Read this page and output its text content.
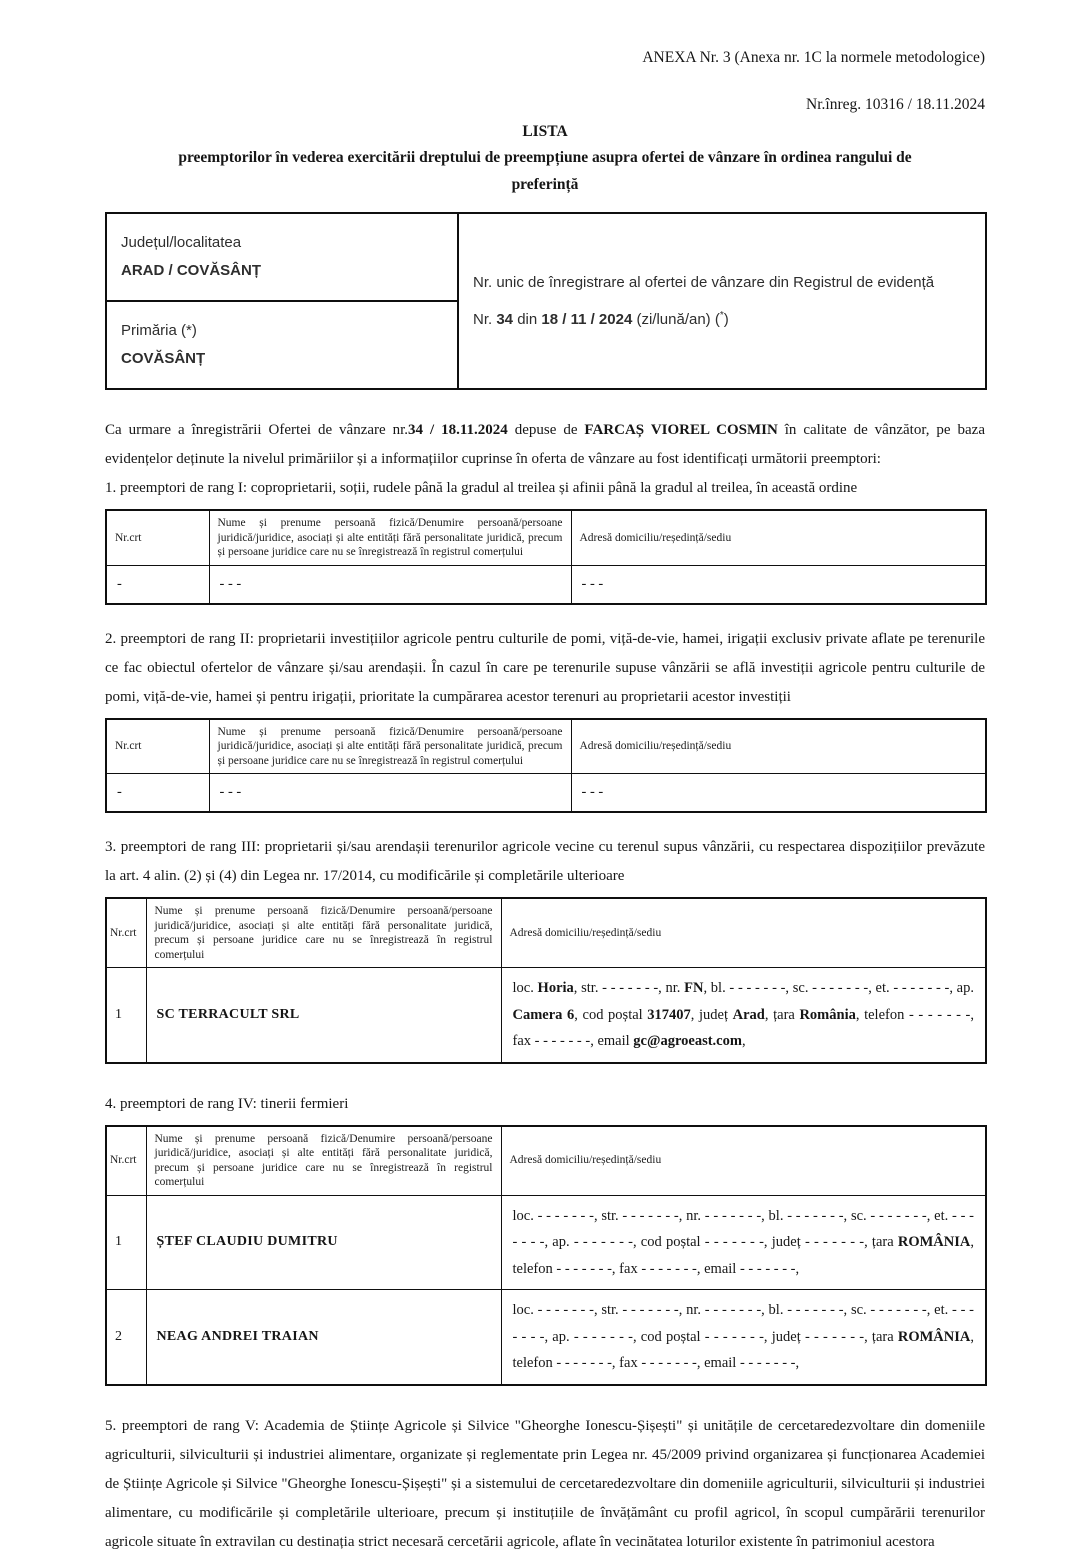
ANEXA Nr. 3 (Anexa nr. 1C la normele metodologice)
Nr.înreg. 10316 / 18.11.2024
LISTA
preemptorilor în vederea exercitării dreptului de preempțiune asupra ofertei de vânzare în ordinea rangului de
preferință
Județul/localitatea
ARAD / COVĂSÂNȚ

Nr. unic de înregistrare al ofertei de vânzare din Registrul de evidență
Nr. 34 din 18 / 11 / 2024 (zi/lună/an) (*)

Primăria (*)
COVĂSÂNȚ

Ca urmare a înregistrării Ofertei de vânzare nr.34 / 18.11.2024 depuse de FARCAȘ VIOREL COSMIN în calitate de vânzător, pe baza evidențelor deținute la nivelul primăriilor și a informațiilor cuprinse în oferta de vânzare au fost identificați următorii preemptori:

1. preemptori de rang I: coproprietarii, soții, rudele până la gradul al treilea și afinii până la gradul al treilea, în această ordine

Nr.crt	Nume și prenume persoană fizică/Denumire persoană/persoane juridică/juridice, asociați și alte entități fără personalitate juridică, precum și persoane juridice care nu se înregistrează în registrul comerțului	Adresă domiciliu/reședință/sediu
-	- - -	- - -

2. preemptori de rang II: proprietarii investițiilor agricole pentru culturile de pomi, viță-de-vie, hamei, irigații exclusiv private aflate pe terenurile ce fac obiectul ofertelor de vânzare și/sau arendașii. În cazul în care pe terenurile supuse vânzării se află investiții agricole pentru culturile de pomi, viță-de-vie, hamei și pentru irigații, prioritate la cumpărarea acestor terenuri au proprietarii acestor investiții

Nr.crt	Nume și prenume persoană fizică/Denumire persoană/persoane juridică/juridice, asociați și alte entități fără personalitate juridică, precum și persoane juridice care nu se înregistrează în registrul comerțului	Adresă domiciliu/reședință/sediu
-	- - -	- - -

3. preemptori de rang III: proprietarii și/sau arendașii terenurilor agricole vecine cu terenul supus vânzării, cu respectarea dispozițiilor prevăzute la art. 4 alin. (2) și (4) din Legea nr. 17/2014, cu modificările și completările ulterioare

Nr.crt	Nume și prenume persoană fizică/Denumire persoană/persoane juridică/juridice, asociați și alte entități fără personalitate juridică, precum și persoane juridice care nu se înregistrează în registrul comerțului	Adresă domiciliu/reședință/sediu
1	SC TERRACULT SRL	loc. Horia, str. - - - - - - -, nr. FN, bl. - - - - - - -, sc. - - - - - - -, et. - - - - - - -, ap. Camera 6, cod poștal 317407, județ Arad, țara România, telefon - - - - - - -, fax - - - - - - -, email gc@agroeast.com,

4. preemptori de rang IV: tinerii fermieri

Nr.crt	Nume și prenume persoană fizică/Denumire persoană/persoane juridică/juridice, asociați și alte entități fără personalitate juridică, precum și persoane juridice care nu se înregistrează în registrul comerțului	Adresă domiciliu/reședință/sediu
1	ȘTEF CLAUDIU DUMITRU	loc. - - - - - - -, str. - - - - - - -, nr. - - - - - - -, bl. - - - - - - -, sc. - - - - - - -, et. - - - - - - -, ap. - - - - - - -, cod poștal - - - - - - -, județ - - - - - - -, țara ROMÂNIA, telefon - - - - - - -, fax - - - - - - -, email - - - - - - -,
2	NEAG ANDREI TRAIAN	loc. - - - - - - -, str. - - - - - - -, nr. - - - - - - -, bl. - - - - - - -, sc. - - - - - - -, et. - - - - - - -, ap. - - - - - - -, cod poștal - - - - - - -, județ - - - - - - -, țara ROMÂNIA, telefon - - - - - - -, fax - - - - - - -, email - - - - - - -,

5. preemptori de rang V: Academia de Științe Agricole și Silvice "Gheorghe Ionescu-Șișești" și unitățile de cercetaredezvoltare din domeniile agriculturii, silviculturii și industriei alimentare, organizate și reglementate prin Legea nr. 45/2009 privind organizarea și funcționarea Academiei de Științe Agricole și Silvice "Gheorghe Ionescu-Șișești" și a sistemului de cercetaredezvoltare din domeniile agriculturii, silviculturii și industriei alimentare, cu modificările și completările ulterioare, precum și instituțiile de învățământ cu profil agricol, în scopul cumpărării terenurilor agricole situate în extravilan cu destinația strict necesară cercetării agricole, aflate în vecinătatea loturilor existente în patrimoniul acestora
